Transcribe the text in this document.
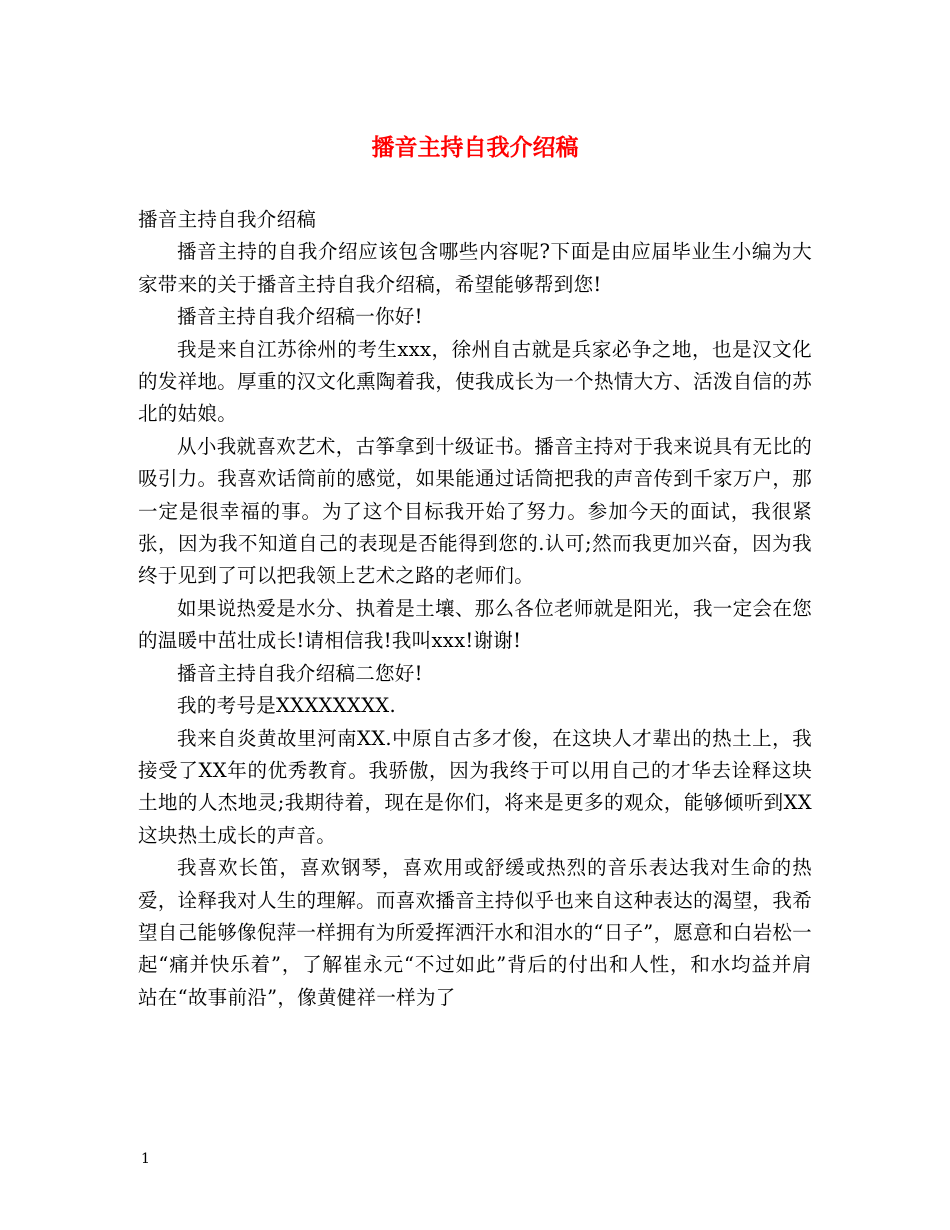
播音主持自我介绍稿

播音主持自我介绍稿

播音主持的自我介绍应该包含哪些内容呢?下面是由应届毕业生小编为大家带来的关于播音主持自我介绍稿，希望能够帮到您!

播音主持自我介绍稿一你好!

我是来自江苏徐州的考生xxx，徐州自古就是兵家必争之地，也是汉文化的发祥地。厚重的汉文化熏陶着我，使我成长为一个热情大方、活泼自信的苏北的姑娘。

从小我就喜欢艺术，古筝拿到十级证书。播音主持对于我来说具有无比的吸引力。我喜欢话筒前的感觉，如果能通过话筒把我的声音传到千家万户，那一定是很幸福的事。为了这个目标我开始了努力。参加今天的面试，我很紧张，因为我不知道自己的表现是否能得到您的.认可;然而我更加兴奋，因为我终于见到了可以把我领上艺术之路的老师们。

如果说热爱是水分、执着是土壤、那么各位老师就是阳光，我一定会在您的温暖中茁壮成长!请相信我!我叫xxx!谢谢!

播音主持自我介绍稿二您好!

我的考号是XXXXXXXX.

我来自炎黄故里河南XX.中原自古多才俊，在这块人才辈出的热土上，我接受了XX年的优秀教育。我骄傲，因为我终于可以用自己的才华去诠释这块土地的人杰地灵;我期待着，现在是你们，将来是更多的观众，能够倾听到XX这块热土成长的声音。

我喜欢长笛，喜欢钢琴，喜欢用或舒缓或热烈的音乐表达我对生命的热爱，诠释我对人生的理解。而喜欢播音主持似乎也来自这种表达的渴望，我希望自己能够像倪萍一样拥有为所爱挥洒汗水和泪水的“日子”，愿意和白岩松一起“痛并快乐着”，了解崔永元“不过如此”背后的付出和人性，和水均益并肩站在“故事前沿”，像黄健祥一样为了

1
